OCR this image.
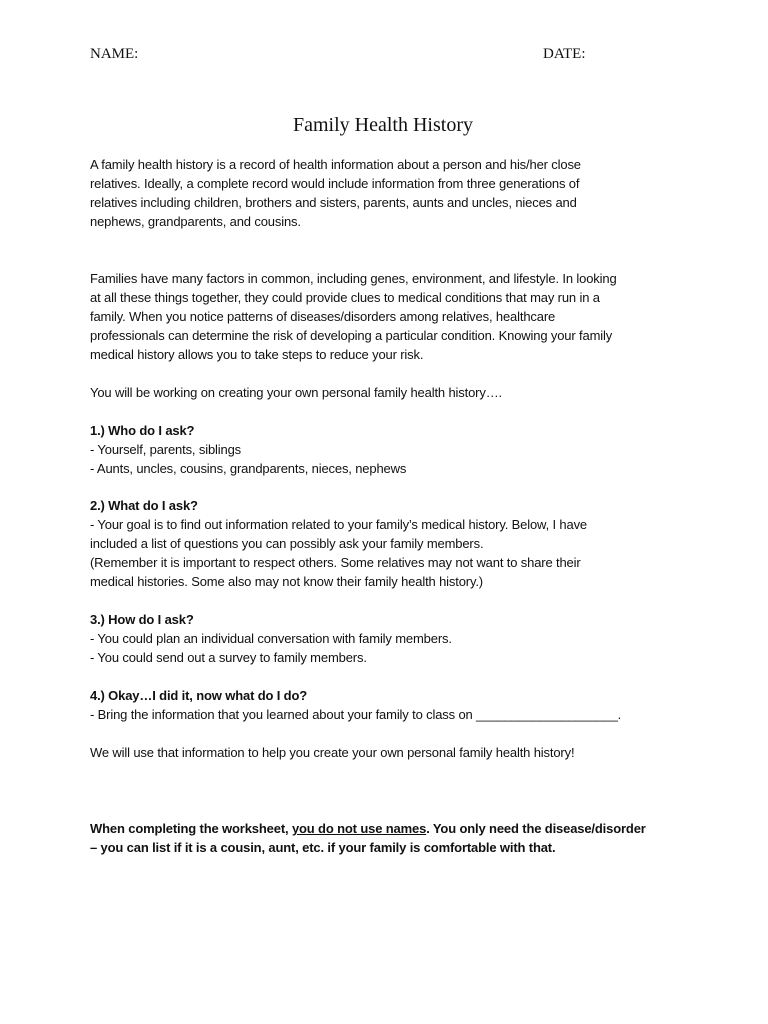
NAME:	DATE:
Family Health History
A family health history is a record of health information about a person and his/her close
relatives. Ideally, a complete record would include information from three generations of
relatives including children, brothers and sisters, parents, aunts and uncles, nieces and
nephews, grandparents, and cousins.
Families have many factors in common, including genes, environment, and lifestyle. In looking
at all these things together, they could provide clues to medical conditions that may run in a
family. When you notice patterns of diseases/disorders among relatives, healthcare
professionals can determine the risk of developing a particular condition. Knowing your family
medical history allows you to take steps to reduce your risk.
You will be working on creating your own personal family health history….
1.) Who do I ask?
- Yourself, parents, siblings
- Aunts, uncles, cousins, grandparents, nieces, nephews
2.) What do I ask?
- Your goal is to find out information related to your family’s medical history. Below, I have
included a list of questions you can possibly ask your family members.
(Remember it is important to respect others. Some relatives may not want to share their
medical histories. Some also may not know their family health history.)
3.) How do I ask?
- You could plan an individual conversation with family members.
- You could send out a survey to family members.
4.) Okay…I did it, now what do I do?
- Bring the information that you learned about your family to class on ____________________.
We will use that information to help you create your own personal family health history!
When completing the worksheet, you do not use names. You only need the disease/disorder
– you can list if it is a cousin, aunt, etc. if your family is comfortable with that.
